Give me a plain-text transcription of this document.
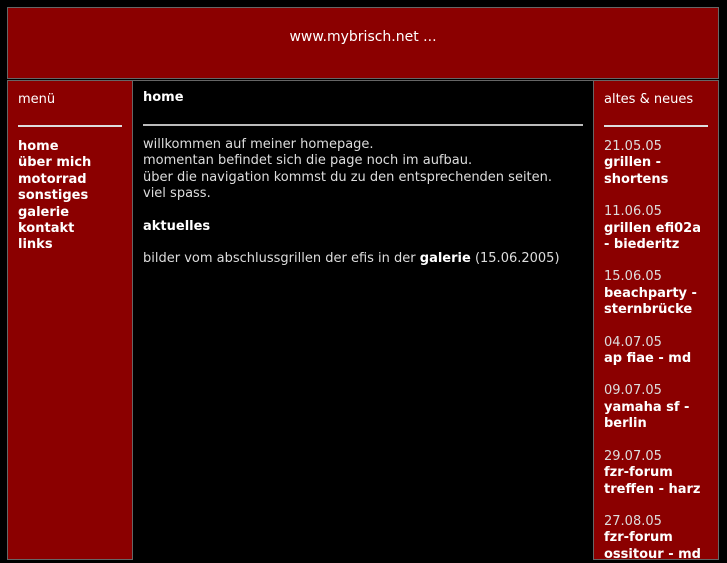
www.mybrisch.net ...
menü
home
über mich
motorrad
sonstiges
galerie
kontakt
links
home

willkommen auf meiner homepage.

momentan befindet sich die page noch im aufbau.

über die navigation kommst du zu den entsprechenden seiten.

viel spass.

aktuelles

bilder vom abschlussgrillen der efis in der galerie (15.06.2005)

altes & neues
21.05.05
grillen - shortens
11.06.05
grillen efi02a - biederitz
15.06.05
beachparty - sternbrücke
04.07.05
ap fiae - md
09.07.05
yamaha sf - berlin
29.07.05
fzr-forum treffen - harz
27.08.05
fzr-forum ossitour - md
